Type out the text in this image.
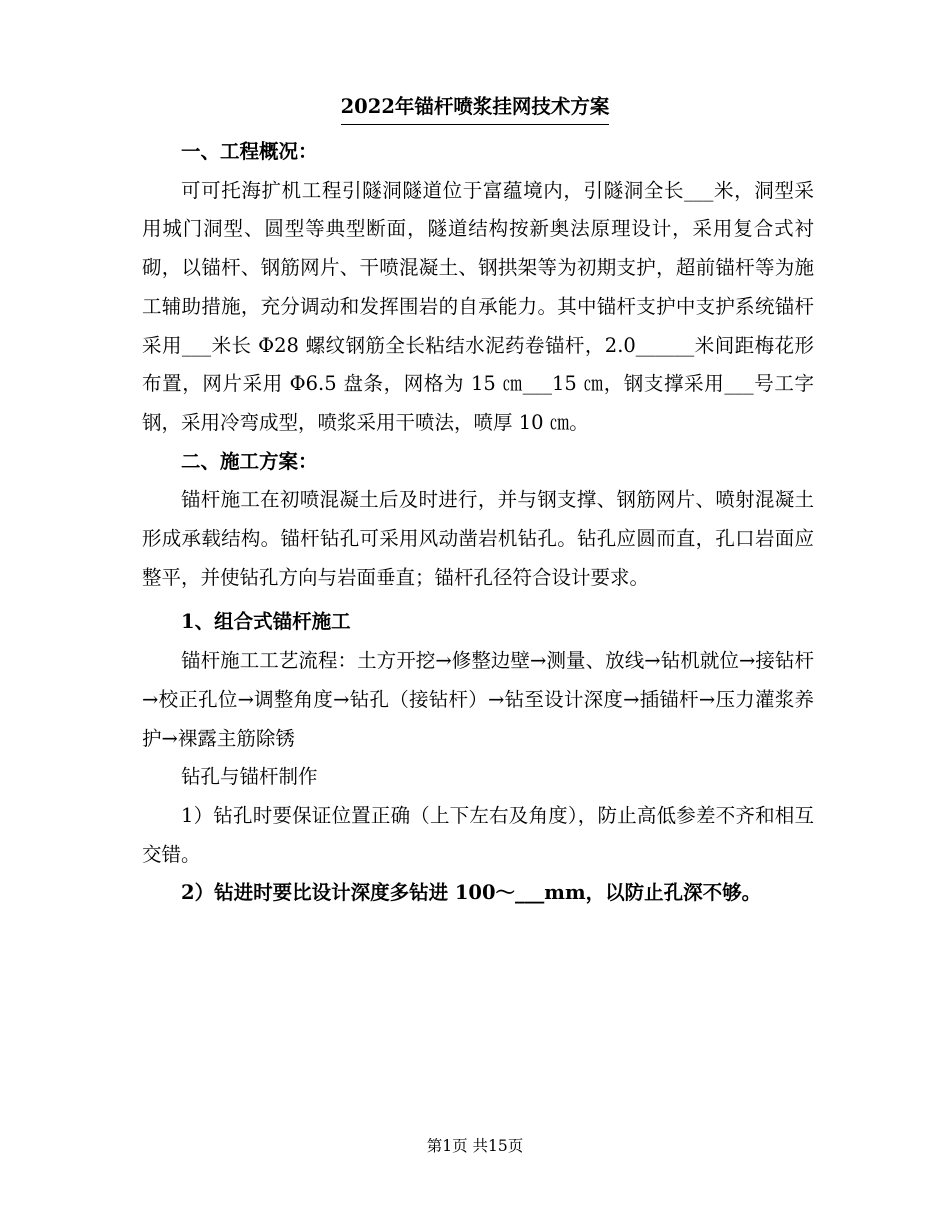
2022年锚杆喷浆挂网技术方案

一、工程概况：

可可托海扩机工程引隧洞隧道位于富蕴境内，引隧洞全长___米，洞型采用城门洞型、圆型等典型断面，隧道结构按新奥法原理设计，采用复合式衬砌，以锚杆、钢筋网片、干喷混凝土、钢拱架等为初期支护，超前锚杆等为施工辅助措施，充分调动和发挥围岩的自承能力。其中锚杆支护中支护系统锚杆采用___米长 Φ28 螺纹钢筋全长粘结水泥药卷锚杆，2.0______米间距梅花形布置，网片采用 Φ6.5 盘条，网格为 15 ㎝___15 ㎝，钢支撑采用___号工字钢，采用冷弯成型，喷浆采用干喷法，喷厚 10 ㎝。

二、施工方案：

锚杆施工在初喷混凝土后及时进行，并与钢支撑、钢筋网片、喷射混凝土形成承载结构。锚杆钻孔可采用风动凿岩机钻孔。钻孔应圆而直，孔口岩面应整平，并使钻孔方向与岩面垂直；锚杆孔径符合设计要求。

1、组合式锚杆施工

锚杆施工工艺流程：土方开挖→修整边壁→测量、放线→钻机就位→接钻杆→校正孔位→调整角度→钻孔（接钻杆）→钻至设计深度→插锚杆→压力灌浆养护→裸露主筋除锈

钻孔与锚杆制作

1）钻孔时要保证位置正确（上下左右及角度），防止高低参差不齐和相互交错。

2）钻进时要比设计深度多钻进 100～___mm，以防止孔深不够。

第1页 共15页
